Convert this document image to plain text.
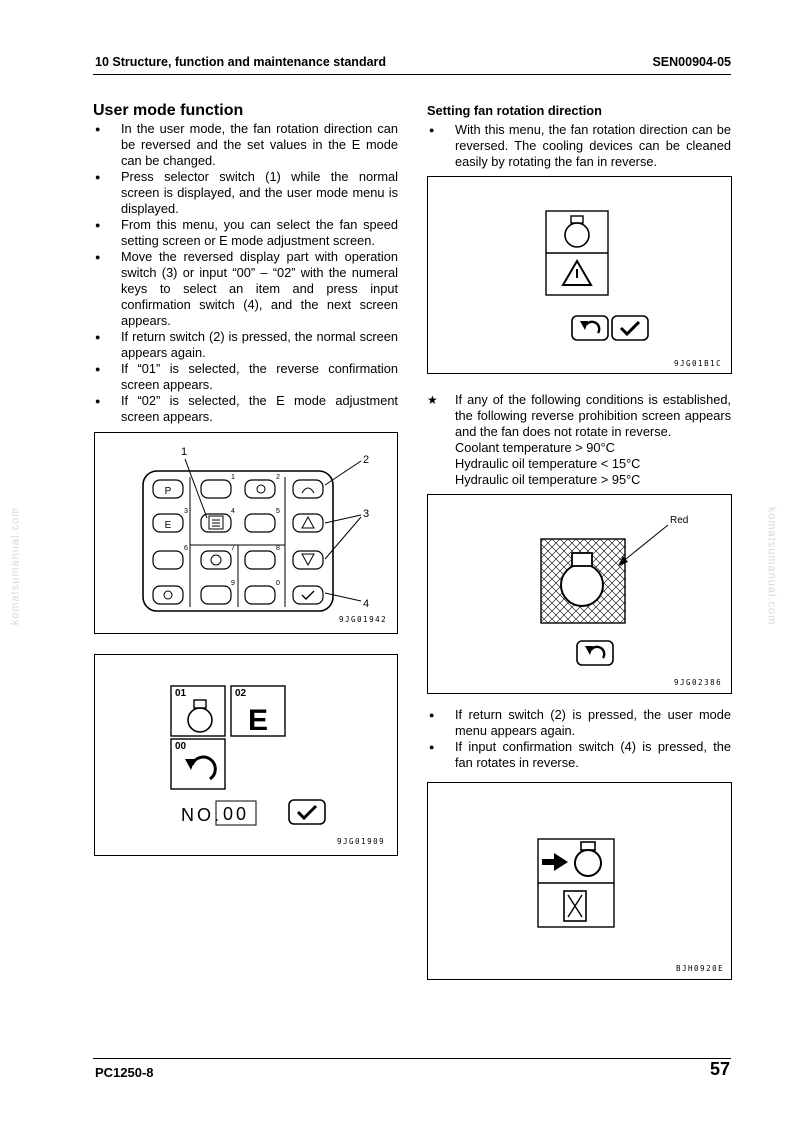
10 Structure, function and maintenance standard	SEN00904-05
komatsumanual.com	komatsumanual.com
User mode function
● In the user mode, the fan rotation direction can be reversed and the set values in the E mode can be changed.
● Press selector switch (1) while the normal screen is displayed, and the user mode menu is displayed.
● From this menu, you can select the fan speed setting screen or E mode adjustment screen.
● Move the reversed display part with operation switch (3) or input “00” – “02” with the numeral keys to select an item and press input confirmation switch (4), and the next screen appears.
● If return switch (2) is pressed, the normal screen appears again.
● If “01” is selected, the reverse confirmation screen appears.
● If “02” is selected, the E mode adjustment screen appears.
P
E
1	2
3	4	5
6	7	8
9	0
1
2
3
4
9JG01942
01	02
00
E
NO. 00
9JG01909
Setting fan rotation direction
● With this menu, the fan rotation direction can be reversed. The cooling devices can be cleaned easily by rotating the fan in reverse.
9JG01B1C
★ If any of the following conditions is established, the following reverse prohibition screen appears and the fan does not rotate in reverse.
Coolant temperature > 90°C
Hydraulic oil temperature < 15°C
Hydraulic oil temperature > 95°C
Red
9JG02386
● If return switch (2) is pressed, the user mode menu appears again.
● If input confirmation switch (4) is pressed, the fan rotates in reverse.
BJH0920E
PC1250-8	57
